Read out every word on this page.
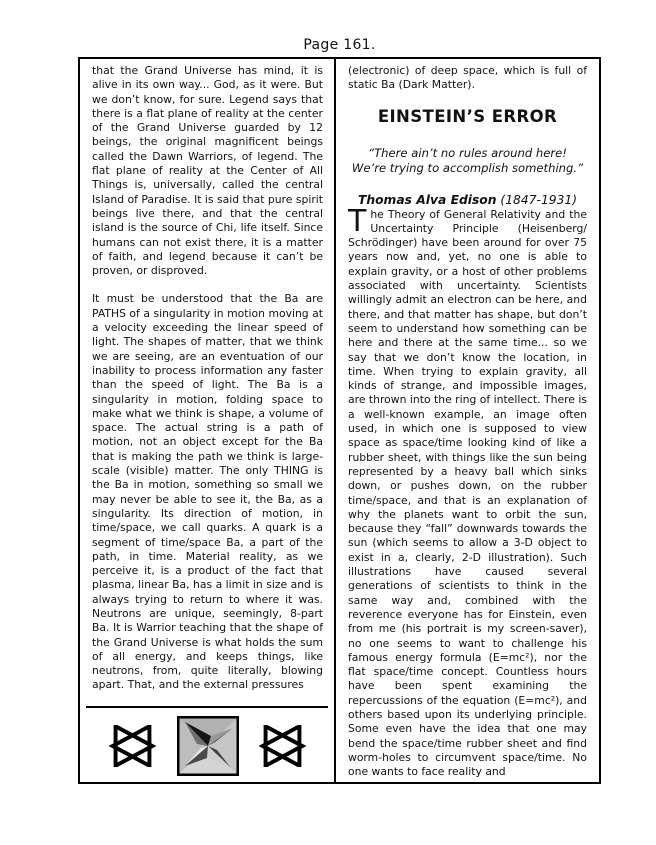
Page 161.

that the Grand Universe has mind, it is alive in its own way... God, as it were. But we don’t know, for sure. Legend says that there is a flat plane of reality at the center of the Grand Universe guarded by 12 beings, the original magnificent beings called the Dawn Warriors, of legend. The flat plane of reality at the Center of All Things is, universally, called the central Island of Paradise. It is said that pure spirit beings live there, and that the central island is the source of Chi, life itself. Since humans can not exist there, it is a matter of faith, and legend because it can’t be proven, or disproved.

It must be understood that the Ba are PATHS of a singularity in motion moving at a velocity exceeding the linear speed of light. The shapes of matter, that we think we are seeing, are an eventuation of our inability to process information any faster than the speed of light. The Ba is a singularity in motion, folding space to make what we think is shape, a volume of space. The actual string is a path of motion, not an object except for the Ba that is making the path we think is large-scale (visible) matter. The only THING is the Ba in motion, something so small we may never be able to see it, the Ba, as a singularity. Its direction of motion, in time/space, we call quarks. A quark is a segment of time/space Ba, a part of the path, in time. Material reality, as we perceive it, is a product of the fact that plasma, linear Ba, has a limit in size and is always trying to return to where it was. Neutrons are unique, seemingly, 8-part Ba. It is Warrior teaching that the shape of the Grand Universe is what holds the sum of all energy, and keeps things, like neutrons, from, quite literally, blowing apart. That, and the external pressures

(electronic) of deep space, which is full of static Ba (Dark Matter).

EINSTEIN’S ERROR
“There ain’t no rules around here!
We’re trying to accomplish something.”
Thomas Alva Edison (1847-1931)

The Theory of General Relativity and the Uncertainty Principle (Heisenberg/ Schrödinger) have been around for over 75 years now and, yet, no one is able to explain gravity, or a host of other problems associated with uncertainty. Scientists willingly admit an electron can be here, and there, and that matter has shape, but don’t seem to understand how something can be here and there at the same time... so we say that we don’t know the location, in time. When trying to explain gravity, all kinds of strange, and impossible images, are thrown into the ring of intellect. There is a well-known example, an image often used, in which one is supposed to view space as space/time looking kind of like a rubber sheet, with things like the sun being represented by a heavy ball which sinks down, or pushes down, on the rubber time/space, and that is an explanation of why the planets want to orbit the sun, because they “fall” downwards towards the sun (which seems to allow a 3-D object to exist in a, clearly, 2-D illustration). Such illustrations have caused several generations of scientists to think in the same way and, combined with the reverence everyone has for Einstein, even from me (his portrait is my screen-saver), no one seems to want to challenge his famous energy formula (E=mc²), nor the flat space/time concept. Countless hours have been spent examining the repercussions of the equation (E=mc²), and others based upon its underlying principle. Some even have the idea that one may bend the space/time rubber sheet and find worm-holes to circumvent space/time. No one wants to face reality and
